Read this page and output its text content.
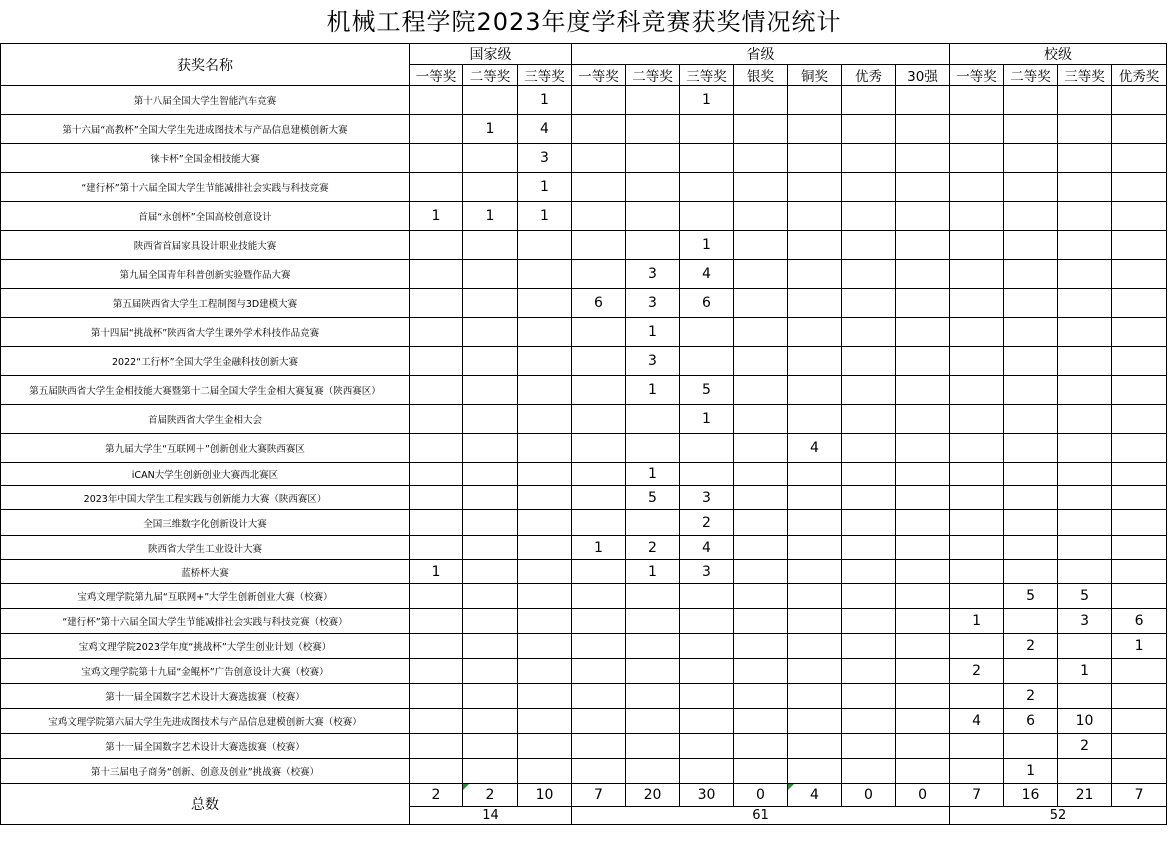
机械工程学院2023年度学科竞赛获奖情况统计
获奖名称	国家级			省级							校级			
	一等奖	二等奖	三等奖	一等奖	二等奖	三等奖	银奖	铜奖	优秀	30强	一等奖	二等奖	三等奖	优秀奖
第十八届全国大学生智能汽车竞赛			1			1								
第十六届“高教杯”全国大学生先进成图技术与产品信息建模创新大赛		1	4											
徕卡杯”全国金相技能大赛			3											
“建行杯”第十六届全国大学生节能减排社会实践与科技竞赛			1											
首届“永创杯”全国高校创意设计	1	1	1											
陕西省首届家具设计职业技能大赛						1								
第九届全国青年科普创新实验暨作品大赛					3	4								
第五届陕西省大学生工程制图与3D建模大赛				6	3	6								
第十四届“挑战杯”陕西省大学生课外学术科技作品竞赛					1									
2022“工行杯”全国大学生金融科技创新大赛					3									
第五届陕西省大学生金相技能大赛暨第十二届全国大学生金相大赛复赛（陕西赛区）					1	5								
首届陕西省大学生金相大会						1								
第九届大学生“互联网＋”创新创业大赛陕西赛区								4						
iCAN大学生创新创业大赛西北赛区					1									
2023年中国大学生工程实践与创新能力大赛（陕西赛区）					5	3								
全国三维数字化创新设计大赛						2								
陕西省大学生工业设计大赛				1	2	4								
蓝桥杯大赛	1				1	3								
宝鸡文理学院第九届“互联网+”大学生创新创业大赛（校赛）												5	5	
“建行杯”第十六届全国大学生节能减排社会实践与科技竞赛（校赛）											1		3	6
宝鸡文理学院2023学年度“挑战杯”大学生创业计划（校赛）												2		1
宝鸡文理学院第十九届“金鲲杯”广告创意设计大赛（校赛）											2		1	
第十一届全国数字艺术设计大赛选拔赛（校赛）												2		
宝鸡文理学院第六届大学生先进成图技术与产品信息建模创新大赛（校赛）											4	6	10	
第十一届全国数字艺术设计大赛选拔赛（校赛）													2	
第十三届电子商务“创新、创意及创业”挑战赛（校赛）												1		
总数	2	2	10	7	20	30	0	4	0	0	7	16	21	7
	14			61							52			
